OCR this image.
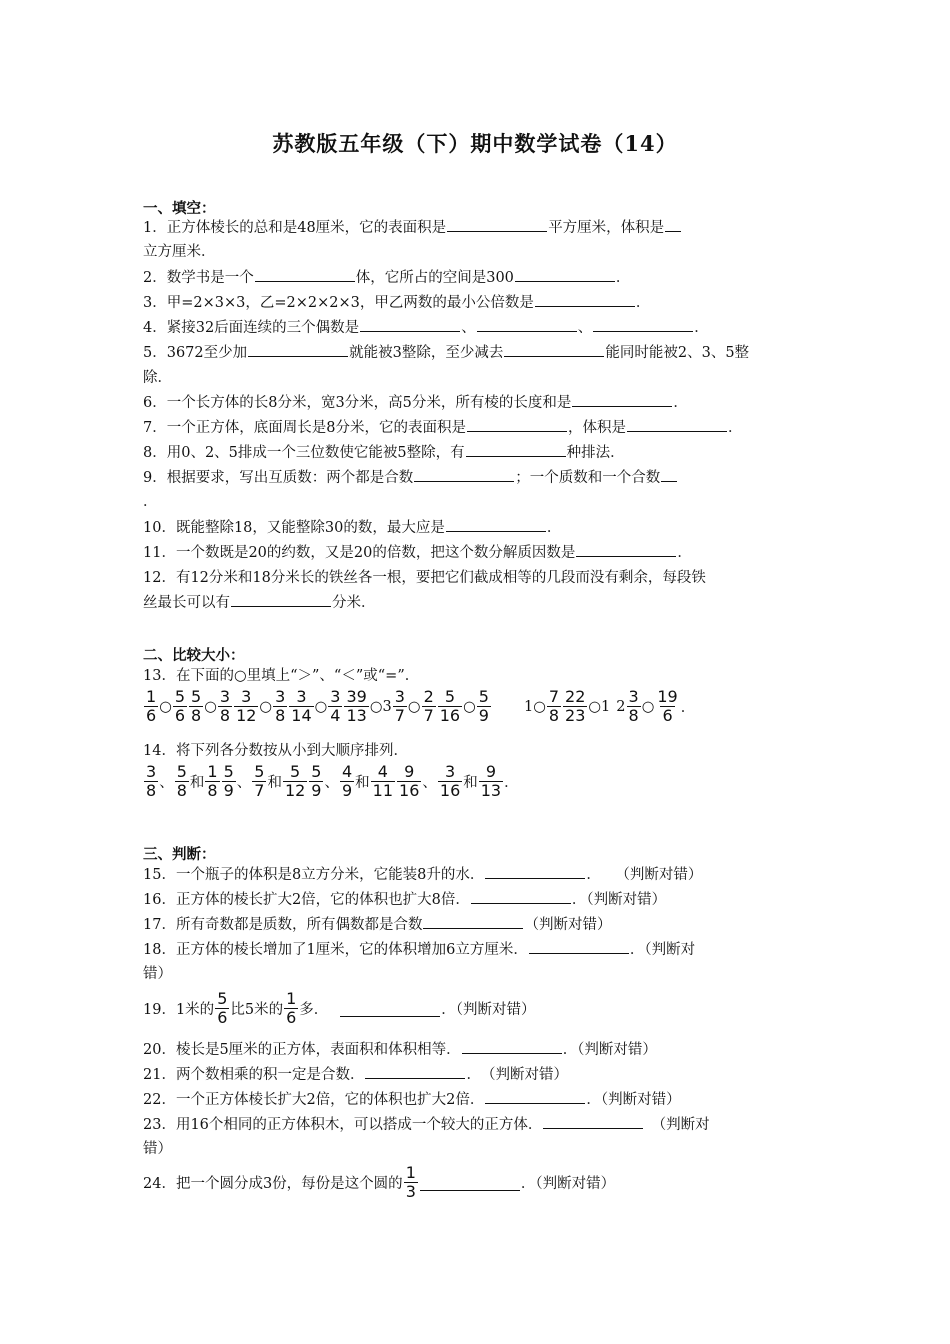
苏教版五年级（下）期中数学试卷（14）
一、填空：
1．正方体棱长的总和是48厘米，它的表面积是	平方厘米，体积是
立方厘米．
2．数学书是一个	体，它所占的空间是300	．
3．甲=2×3×3，乙=2×2×2×3，甲乙两数的最小公倍数是	．
4．紧接32后面连续的三个偶数是	、	、	．
5．3672至少加	就能被3整除，至少减去	能同时能被2、3、5整
除．
6．一个长方体的长8分米，宽3分米，高5分米，所有棱的长度和是	．
7．一个正方体，底面周长是8分米，它的表面积是	，体积是	．
8．用0、2、5排成一个三位数使它能被5整除，有	种排法．
9．根据要求，写出互质数：两个都是合数	；一个质数和一个合数
．
10．既能整除18，又能整除30的数，最大应是	．
11．一个数既是20的约数，又是20的倍数，把这个数分解质因数是	．
12．有12分米和18分米长的铁丝各一根，要把它们截成相等的几段而没有剩余，每段铁
丝最长可以有	分米．
二、比较大小：
13．在下面的○里填上“＞”、“＜”或“=”．
1
6 ○
5
6
5
8 ○
3
8
3
12 ○
3
8
3
14 ○
3
4
39
13 ○ 3
3
7 ○
2
7
5
16 ○
5
9 1 ○
7
8
22
23 ○ 1 2
3
8 ○
19
6 ．
14．将下列各分数按从小到大顺序排列．
3
8 、
5
8 和
1
8
5
9 、
5
7 和
5
12
5
9 、
4
9 和
4
11
9
16 、
3
16 和
9
13 ．
三、判断：
15．一个瓶子的体积是8立方分米，它能装8升的水．	．　　（判断对错）
16．正方体的棱长扩大2倍，它的体积也扩大8倍．	．（判断对错）
17．所有奇数都是质数，所有偶数都是合数	（判断对错）
18．正方体的棱长增加了1厘米，它的体积增加6立方厘米．	．（判断对
错）
19．1米的
5
6 比5米的
1
6 多．	．（判断对错）
20．棱长是5厘米的正方体，表面积和体积相等．	．（判断对错）
21．两个数相乘的积一定是合数．	．　（判断对错）
22．一个正方体棱长扩大2倍，它的体积也扩大2倍．	．（判断对错）
23．用16个相同的正方体积木，可以搭成一个较大的正方体．	　（判断对
错）
24．把一个圆分成3份，每份是这个圆的
1
3	．（判断对错）
